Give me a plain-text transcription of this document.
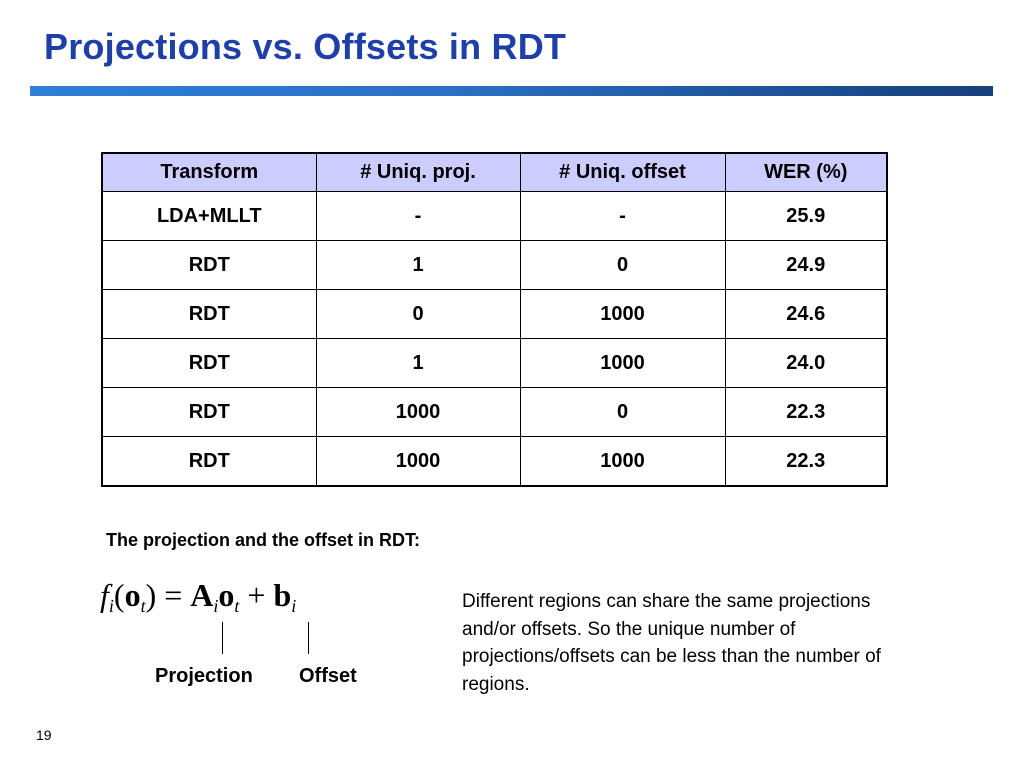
Projections vs. Offsets in RDT
Transform	# Uniq. proj.	# Uniq. offset	WER (%)
LDA+MLLT	-	-	25.9
RDT	1	0	24.9
RDT	0	1000	24.6
RDT	1	1000	24.0
RDT	1000	0	22.3
RDT	1000	1000	22.3
The projection and the offset in RDT:
$f_i(o_t) = A_io_t + b_i$
Projection Offset
Different regions can share the same projections and/or offsets. So the unique number of projections/offsets can be less than the number of regions.
19
